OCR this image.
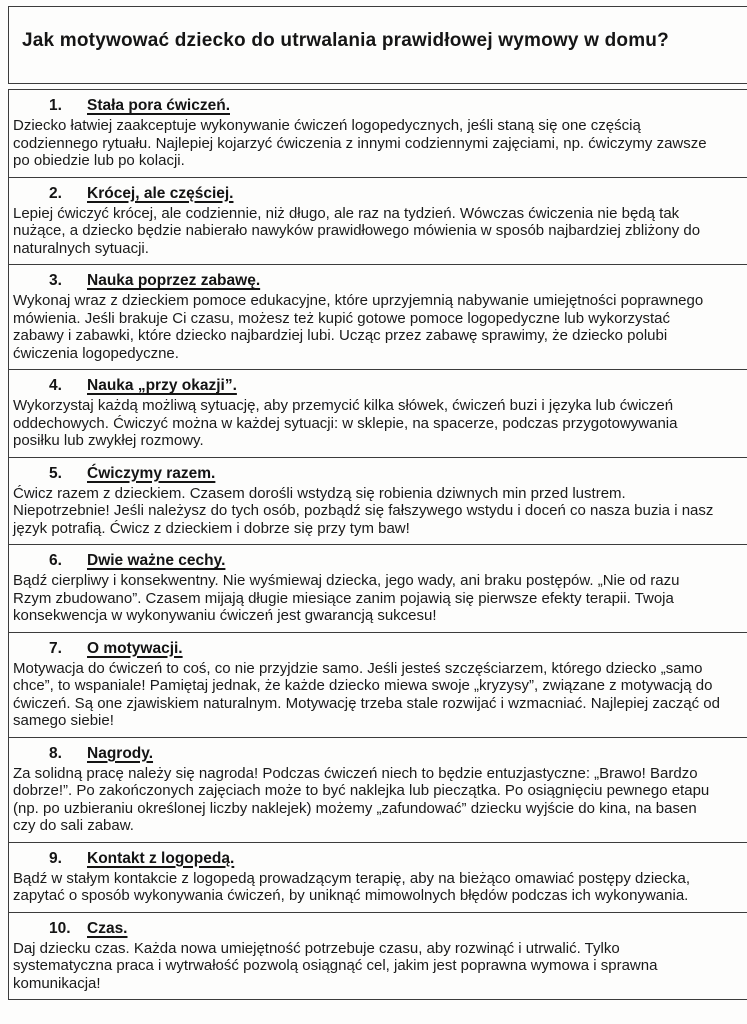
Jak motywować dziecko do utrwalania prawidłowej wymowy w domu?
1. Stała pora ćwiczeń.

Dziecko łatwiej zaakceptuje wykonywanie ćwiczeń logopedycznych, jeśli staną się one częścią codziennego rytuału. Najlepiej kojarzyć ćwiczenia z innymi codziennymi zajęciami, np. ćwiczymy zawsze po obiedzie lub po kolacji.

2. Krócej, ale częściej.

Lepiej ćwiczyć krócej, ale codziennie, niż długo, ale raz na tydzień. Wówczas ćwiczenia nie będą tak nużące, a dziecko będzie nabierało nawyków prawidłowego mówienia w sposób najbardziej zbliżony do naturalnych sytuacji.

3. Nauka poprzez zabawę.

Wykonaj wraz z dzieckiem pomoce edukacyjne, które uprzyjemnią nabywanie umiejętności poprawnego mówienia. Jeśli brakuje Ci czasu, możesz też kupić gotowe pomoce logopedyczne lub wykorzystać zabawy i zabawki, które dziecko najbardziej lubi. Ucząc przez zabawę sprawimy, że dziecko polubi ćwiczenia logopedyczne.

4. Nauka „przy okazji”.

Wykorzystaj każdą możliwą sytuację, aby przemycić kilka słówek, ćwiczeń buzi i języka lub ćwiczeń oddechowych. Ćwiczyć można w każdej sytuacji: w sklepie, na spacerze, podczas przygotowywania posiłku lub zwykłej rozmowy.

5. Ćwiczymy razem.

Ćwicz razem z dzieckiem. Czasem dorośli wstydzą się robienia dziwnych min przed lustrem. Niepotrzebnie! Jeśli należysz do tych osób, pozbądź się fałszywego wstydu i doceń co nasza buzia i nasz język potrafią. Ćwicz z dzieckiem i dobrze się przy tym baw!

6. Dwie ważne cechy.

Bądź cierpliwy i konsekwentny. Nie wyśmiewaj dziecka, jego wady, ani braku postępów. „Nie od razu Rzym zbudowano”. Czasem mijają długie miesiące zanim pojawią się pierwsze efekty terapii. Twoja konsekwencja w wykonywaniu ćwiczeń jest gwarancją sukcesu!

7. O motywacji.

Motywacja do ćwiczeń to coś, co nie przyjdzie samo. Jeśli jesteś szczęściarzem, którego dziecko „samo chce”, to wspaniale! Pamiętaj jednak, że każde dziecko miewa swoje „kryzysy”, związane z motywacją do ćwiczeń. Są one zjawiskiem naturalnym. Motywację trzeba stale rozwijać i wzmacniać. Najlepiej zacząć od samego siebie!

8. Nagrody.

Za solidną pracę należy się nagroda! Podczas ćwiczeń niech to będzie entuzjastyczne: „Brawo! Bardzo dobrze!”. Po zakończonych zajęciach może to być naklejka lub pieczątka. Po osiągnięciu pewnego etapu (np. po uzbieraniu określonej liczby naklejek) możemy „zafundować” dziecku wyjście do kina, na basen czy do sali zabaw.

9. Kontakt z logopedą.

Bądź w stałym kontakcie z logopedą prowadzącym terapię, aby na bieżąco omawiać postępy dziecka, zapytać o sposób wykonywania ćwiczeń, by uniknąć mimowolnych błędów podczas ich wykonywania.

10. Czas.

Daj dziecku czas. Każda nowa umiejętność potrzebuje czasu, aby rozwinąć i utrwalić. Tylko systematyczna praca i wytrwałość pozwolą osiągnąć cel, jakim jest poprawna wymowa i sprawna komunikacja!
